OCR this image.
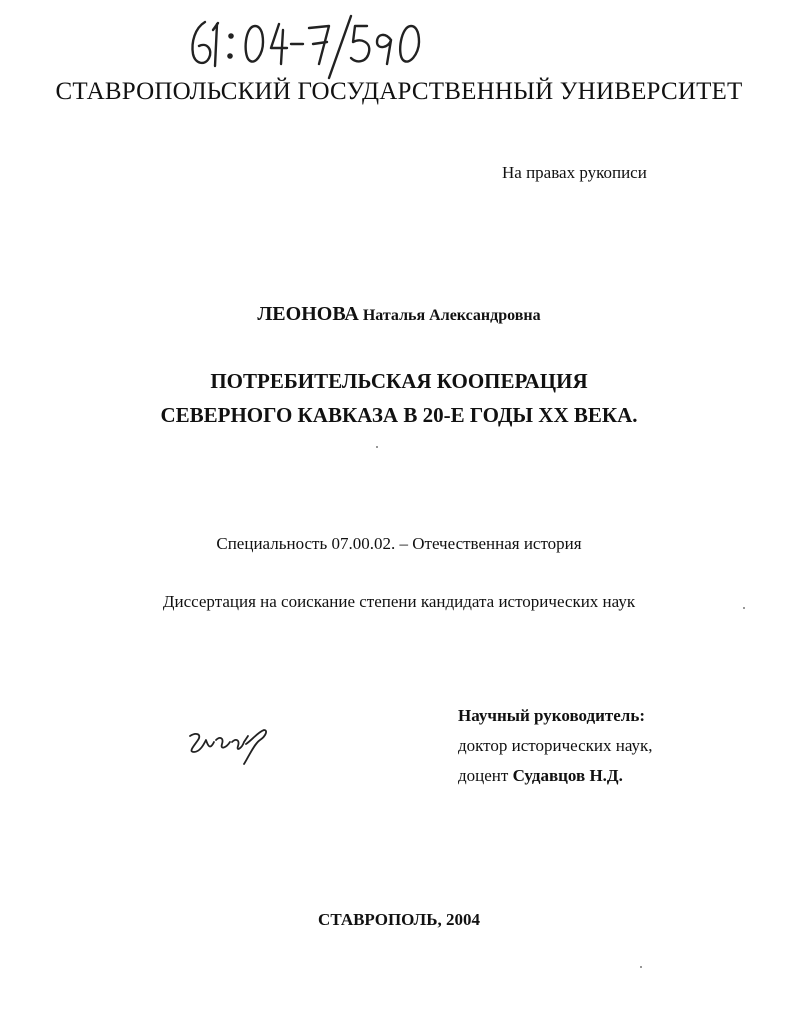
СТАВРОПОЛЬСКИЙ ГОСУДАРСТВЕННЫЙ УНИВЕРСИТЕТ
На правах рукописи
ЛЕОНОВА Наталья Александровна
ПОТРЕБИТЕЛЬСКАЯ КООПЕРАЦИЯ
СЕВЕРНОГО КАВКАЗА В 20-Е ГОДЫ XX ВЕКА.
Специальность 07.00.02. – Отечественная история
Диссертация на соискание степени кандидата исторических наук
Научный руководитель:
доктор исторических наук,
доцент Судавцов Н.Д.
СТАВРОПОЛЬ, 2004
